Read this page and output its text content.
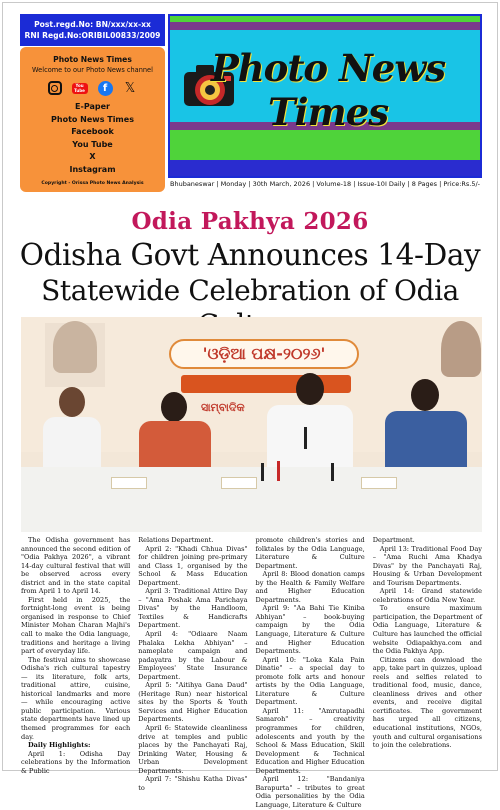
Post.regd.No: BN/xxx/xx-xx
RNI Regd.No:ORIBIL00833/2009
Photo News Times
Welcome to our Photo News channel
You Tube	f	𝕏
E-Paper
Photo News Times
Facebook
You Tube
X
Instagram
Copyright - Orissa Photo News Analysis
Photo News Times
Bhubaneswar | Monday | 30th March, 2026 | Volume-18 | Issue-10I Daily | 8 Pages | Price:Rs.5/-
Odia Pakhya 2026
Odisha Govt Announces 14-Day
Statewide Celebration of Odia
'ଓଡ଼ିଆ ପକ୍ଷ-୨୦୨୬'
ସାମ୍ବାଦିକ

The Odisha government has announced the second edition of "Odia Pakhya 2026", a vibrant 14-day cultural festival that will be observed across every district and in the state capital from April 1 to April 14.

First held in 2025, the fortnight-long event is being organised in response to Chief Minister Mohan Charan Majhi's call to make the Odia language, traditions and heritage a living part of everyday life.

The festival aims to showcase Odisha's rich cultural tapestry — its literature, folk arts, traditional attire, cuisine, historical landmarks and more — while encouraging active public participation. Various state departments have lined up themed programmes for each day.

Daily Highlights:

April 1: Odisha Day celebrations by the Information & Public

Relations Department.

April 2: "Khadi Chhua Divas" for children joining pre-primary and Class 1, organised by the School & Mass Education Department.

April 3: Traditional Attire Day – "Ama Poshak Ama Parichaya Divas" by the Handloom, Textiles & Handicrafts Department.

April 4: "Odiaare Naam Phalaka Lekha Abhiyan" – nameplate campaign and padayatra by the Labour & Employees' State Insurance Department.

April 5: "Aitihya Gana Daud" (Heritage Run) near historical sites by the Sports & Youth Services and Higher Education Departments.

April 6: Statewide cleanliness drive at temples and public places by the Panchayati Raj, Drinking Water, Housing & Urban Development Departments.

April 7: "Shishu Katha Divas" to

promote children's stories and folktales by the Odia Language, Literature & Culture Department.

April 8: Blood donation camps by the Health & Family Welfare and Higher Education Departments.

April 9: "Aa Bahi Tie Kiniba Abhiyan" – book-buying campaign by the Odia Language, Literature & Culture and Higher Education Departments.

April 10: "Loka Kala Pain Dinatie" – a special day to promote folk arts and honour artists by the Odia Language, Literature & Culture Department.

April 11: "Amrutapadhi Samaroh" – creativity programmes for children, adolescents and youth by the School & Mass Education, Skill Development & Technical Education and Higher Education Departments.

April 12: "Bandaniya Barapurta" – tributes to great Odia personalities by the Odia Language, Literature & Culture

Department.

April 13: Traditional Food Day – "Ama Ruchi Ama Khadya Divas" by the Panchayati Raj, Housing & Urban Development and Tourism Departments.

April 14: Grand statewide celebrations of Odia New Year.

To ensure maximum participation, the Department of Odia Language, Literature & Culture has launched the official website Odiapakhya.com and the Odia Pakhya App.

Citizens can download the app, take part in quizzes, upload reels and selfies related to traditional food, music, dance, cleanliness drives and other events, and receive digital certificates. The government has urged all citizens, educational institutions, NGOs, youth and cultural organisations to join the celebrations.
